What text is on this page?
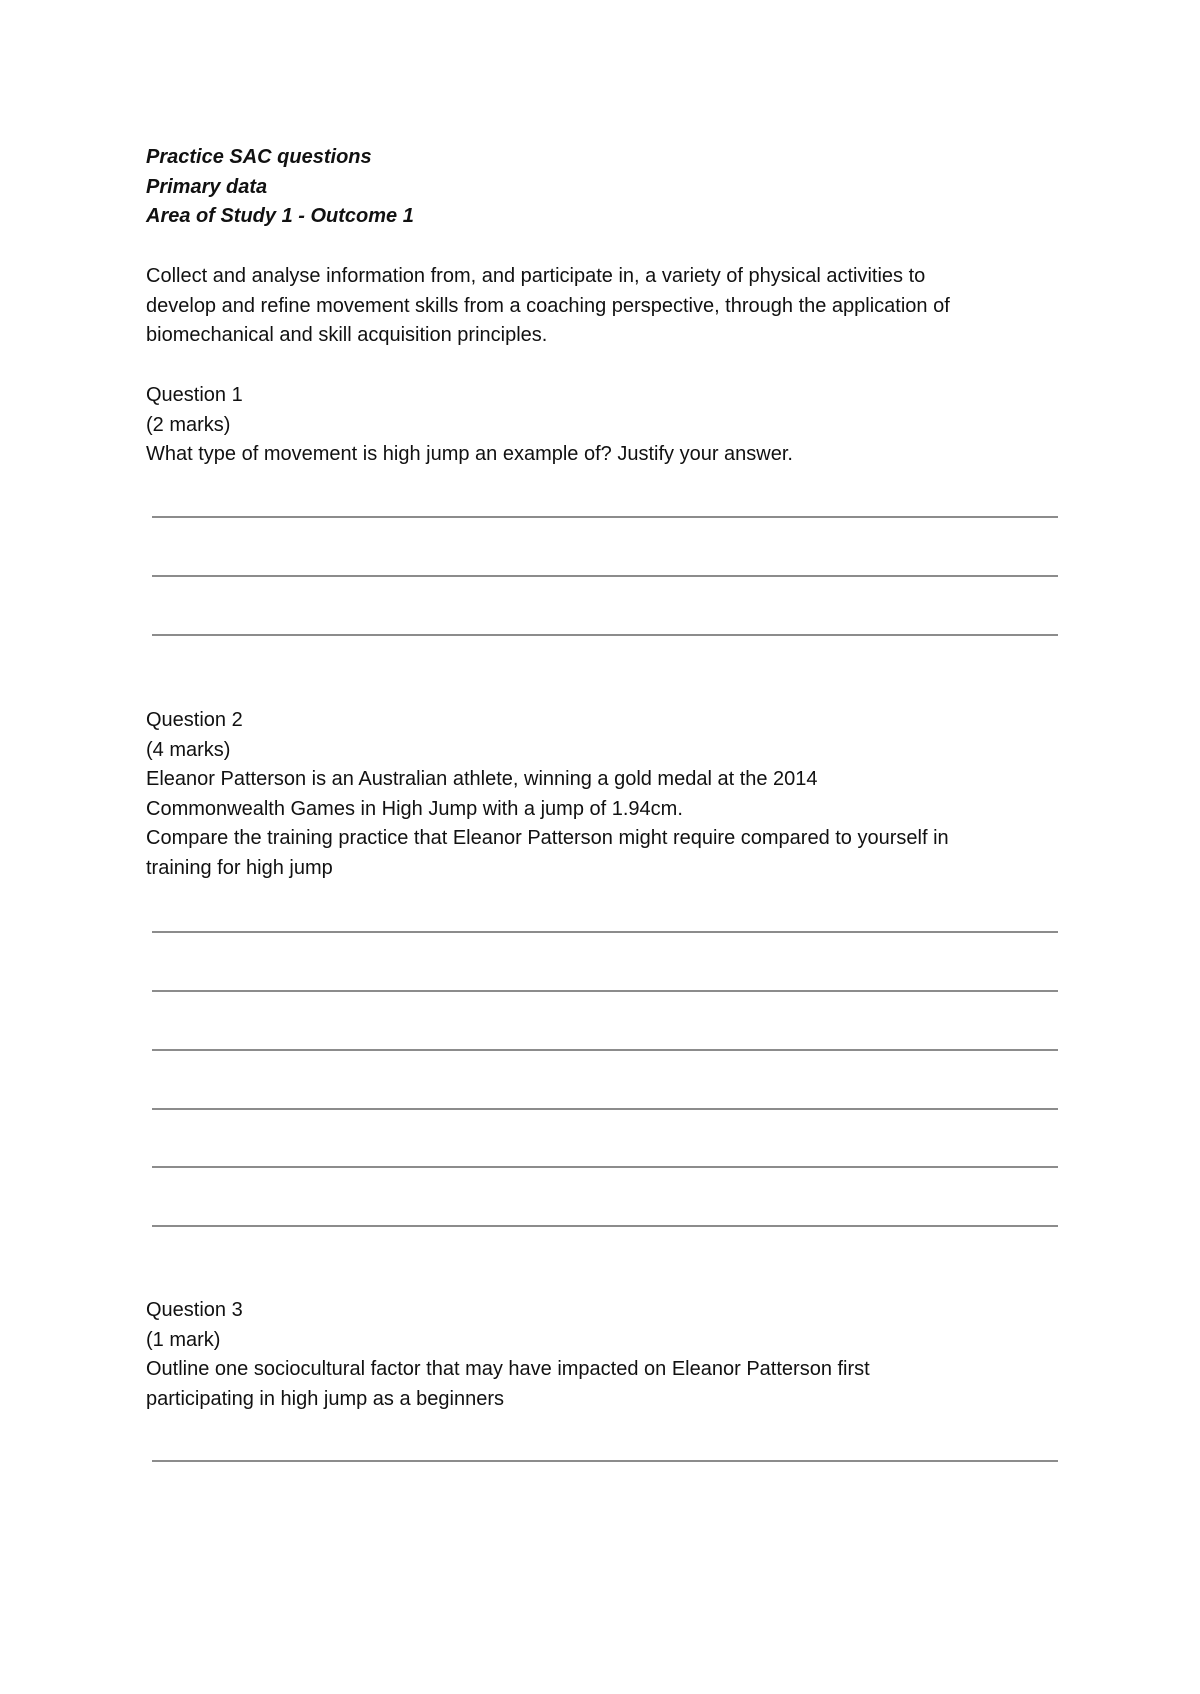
Practice SAC questions
Primary data
Area of Study 1 - Outcome 1
Collect and analyse information from, and participate in, a variety of physical activities to
develop and refine movement skills from a coaching perspective, through the application of
biomechanical and skill acquisition principles.
Question 1
(2 marks)
What type of movement is high jump an example of? Justify your answer.
Question 2
(4 marks)
Eleanor Patterson is an Australian athlete, winning a gold medal at the 2014
Commonwealth Games in High Jump with a jump of 1.94cm.
Compare the training practice that Eleanor Patterson might require compared to yourself in
training for high jump
Question 3
(1 mark)
Outline one sociocultural factor that may have impacted on Eleanor Patterson first
participating in high jump as a beginners
